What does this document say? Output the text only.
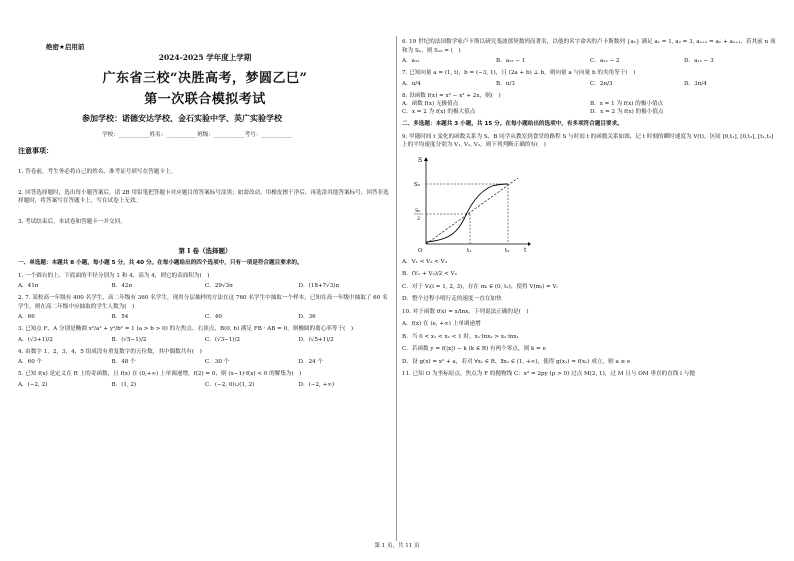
绝密★启用前
2024-2025 学年度上学期
广东省三校“决胜高考，梦圆乙巳”
第一次联合模拟考试
参加学校：诺德安达学校、金石实验中学、英广实验学校
学校：___________姓名：___________班级：___________考号：___________
注意事项：

1. 答卷前，考生务必将自己的姓名、准考证号填写在答题卡上。

2. 回答选择题时，选出每小题答案后，请 2B 用铅笔把答题卡对应题目的答案标号涂黑；如需改动，用橡皮擦干净后，再选涂其他答案标号。回答非选择题时，将答案写在答题卡上，写在试卷上无效。

3. 考试结束后，本试卷和答题卡一并交回。

第 I 卷（选择题）

一、单选题：本题共 8 小题，每小题 5 分，共 40 分。在每小题给出的四个选项中，只有一项是符合题目要求的。

1. 一个圆台的上、下底面的半径分别为 1 和 4，高为 4，则它的表面积为(　)

A．41π	B．42π	C．29√3π	D．(18+7√3)π

2. 7. 某校高一年级有 400 名学生，高二年级有 360 名学生，现用分层抽样的方法在这 760 名学生中抽取一个样本，已知在高一年级中抽取了 60 名学生，则在高二年级中应抽取的学生人数为(　)

A．66	B．54	C．40	D．36

3. 已知点 F、A 分别是椭圆 x²/a² + y²/b² = 1 (a > b > 0) 的左焦点、右顶点，B(0, b) 满足 FB · AB = 0，则椭圆的离心率等于(　)

A．(√3+1)/2	B．(√5−1)/2	C．(√3−1)/2	D．(√5+1)/2

4. 由数字 1，2，3，4，5 组成没有重复数字的五位数，其中偶数共有(　)

A．60 个	B．48 个	C．30 个	D．24 个

5. 已知 f(x) 是定义在 R 上的奇函数，且 f(x) 在 (0,+∞) 上单调递增，f(2) = 0，则 (x−1)·f(x) < 0 的解集为(　)

A．(−2, 2)	B．(1, 2)	C．(−2, 0)∪(1, 2)	D．(−2, +∞)

6. 19 世纪的法国数学家卢卡斯以研究斐波那契数列而著名，以他的名字命名的卢卡斯数列 {aₙ} 满足 a₁ = 1, a₂ = 3, aₙ₊₂ = aₙ + aₙ₊₁，若其前 n 项和为 Sₙ，则 S₁₀ = (　)

A．a₁₂	B．a₁₂ − 1	C．a₁₂ − 2	D．a₁₂ − 3

7. 已知向量 a = (1, t)，b = (−3, 1)，且 (2a + b) ⊥ b，则向量 a 与向量 b 的夹角等于(　)

A．π/4	B．π/3	C．2π/3	D．3π/4

8. 设函数 f(x) = x³ − x² + 2x，则(　)

A．函数 f(x) 无极值点	B．x = 1 为 f(x) 的极小值点
C．x = 2 为 f(x) 的极大值点	D．x = 2 为 f(x) 的极小值点

二、多选题：本题共 3 小题，共 15 分。在每小题给出的选项中，有多项符合题目要求。

9. 甲随时间 t 变化的函数关系为 S，B 同学从教室到食堂的路程 S 与时间 t 的函数关系如图，记 t 时刻的瞬时速度为 V(t)，区间 [0,t₁], [0,t₂], [t₁,t₂] 上的平均速度分别为 V₁, V₂, V₃，则下列判断正确的有(　)

S
t
S₀
S₀
2
t₁	t₂
O

A．V₁ < V₂ < V₃

B．(V₁ + V₃)/2 < V₂

C．对于 Vᵢ(i = 1, 2, 3)，存在 mᵢ ∈ (0, t₂)，使得 V(mᵢ) = Vᵢ

D．整个过程小明行走的速度一直在加快

10. 对于函数 f(x) = x/lnx，下列说法正确的是(　)

A．f(x) 在 (e, +∞) 上单调递增

B．当 0 < x₁ < x₂ < 1 时，x₁·lnx₂ > x₂·lnx₁

C．若函数 y = f(|x|) − k (k ∈ R) 有两个零点，则 k = e

D．设 g(x) = x² + a，若对 ∀x₁ ∈ R，∃x₂ ∈ (1, +∞)，使得 g(x₁) = f(x₂) 成立，则 a ≥ e

11. 已知 O 为坐标原点，焦点为 F 的抛物线 C：x² = 2py (p > 0) 过点 M(2, 1)，过 M 且与 OM 垂直的直线 l 与抛

第 1 页，共 11 页
